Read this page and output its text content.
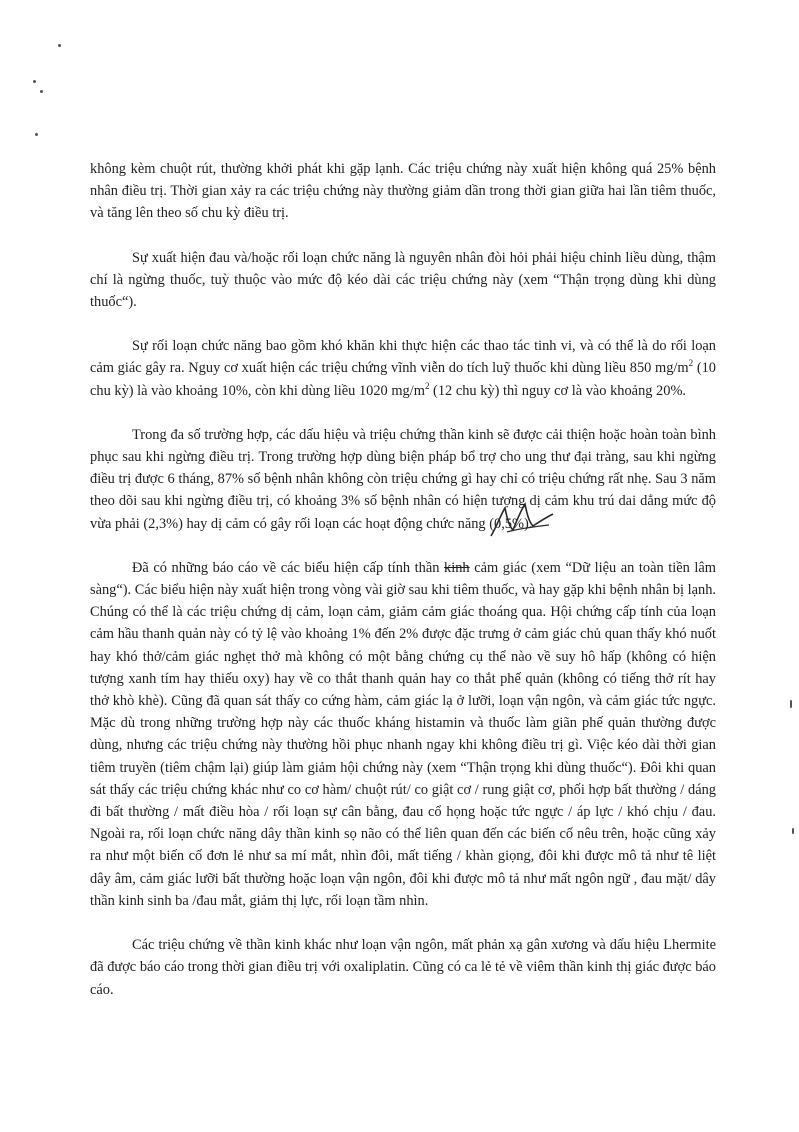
không kèm chuột rút, thường khởi phát khi gặp lạnh. Các triệu chứng này xuất hiện không quá 25% bệnh nhân điều trị. Thời gian xảy ra các triệu chứng này thường giảm dần trong thời gian giữa hai lần tiêm thuốc, và tăng lên theo số chu kỳ điều trị.

Sự xuất hiện đau và/hoặc rối loạn chức năng là nguyên nhân đòi hỏi phải hiệu chỉnh liều dùng, thậm chí là ngừng thuốc, tuỳ thuộc vào mức độ kéo dài các triệu chứng này (xem “Thận trọng dùng khi dùng thuốc“).

Sự rối loạn chức năng bao gồm khó khăn khi thực hiện các thao tác tinh vi, và có thể là do rối loạn cảm giác gây ra. Nguy cơ xuất hiện các triệu chứng vĩnh viễn do tích luỹ thuốc khi dùng liều 850 $mg/m^2$ (10 chu kỳ) là vào khoảng 10%, còn khi dùng liều 1020 $mg/m^2$ (12 chu kỳ) thì nguy cơ là vào khoảng 20%.

Trong đa số trường hợp, các dấu hiệu và triệu chứng thần kinh sẽ được cải thiện hoặc hoàn toàn bình phục sau khi ngừng điều trị. Trong trường hợp dùng biện pháp bổ trợ cho ung thư đại tràng, sau khi ngừng điều trị được 6 tháng, 87% số bệnh nhân không còn triệu chứng gì hay chỉ có triệu chứng rất nhẹ. Sau 3 năm theo dõi sau khi ngừng điều trị, có khoảng 3% số bệnh nhân có hiện tượng dị cảm khu trú dai dẳng mức độ vừa phải (2,3%) hay dị cảm có gây rối loạn các hoạt động chức năng (0,5%).

Đã có những báo cáo về các biểu hiện cấp tính thần kinh cảm giác (xem “Dữ liệu an toàn tiền lâm sàng“). Các biểu hiện này xuất hiện trong vòng vài giờ sau khi tiêm thuốc, và hay gặp khi bệnh nhân bị lạnh. Chúng có thể là các triệu chứng dị cảm, loạn cảm, giảm cảm giác thoáng qua. Hội chứng cấp tính của loạn cảm hầu thanh quản này có tỷ lệ vào khoảng 1% đến 2% được đặc trưng ở cảm giác chủ quan thấy khó nuốt hay khó thở/cảm giác nghẹt thở mà không có một bằng chứng cụ thể nào về suy hô hấp (không có hiện tượng xanh tím hay thiếu oxy) hay về co thắt thanh quản hay co thắt phế quản (không có tiếng thở rít hay thở khò khè). Cũng đã quan sát thấy co cứng hàm, cảm giác lạ ở lưỡi, loạn vận ngôn, và cảm giác tức ngực. Mặc dù trong những trường hợp này các thuốc kháng histamin và thuốc làm giãn phế quản thường được dùng, nhưng các triệu chứng này thường hồi phục nhanh ngay khi không điều trị gì. Việc kéo dài thời gian tiêm truyền (tiêm chậm lại) giúp làm giảm hội chứng này (xem “Thận trọng khi dùng thuốc“). Đôi khi quan sát thấy các triệu chứng khác như co cơ hàm/ chuột rút/ co giật cơ / rung giật cơ, phối hợp bất thường / dáng đi bất thường / mất điều hòa / rối loạn sự cân bằng, đau cổ họng hoặc tức ngực / áp lực / khó chịu / đau. Ngoài ra, rối loạn chức năng dây thần kinh sọ não có thể liên quan đến các biến cố nêu trên, hoặc cũng xảy ra như một biến cố đơn lẻ như sa mí mắt, nhìn đôi, mất tiếng / khàn giọng, đôi khi được mô tả như tê liệt dây âm, cảm giác lưỡi bất thường hoặc loạn vận ngôn, đôi khi được mô tả như mất ngôn ngữ , đau mặt/ dây thần kinh sinh ba /đau mắt, giảm thị lực, rối loạn tầm nhìn.

Các triệu chứng về thần kinh khác như loạn vận ngôn, mất phản xạ gân xương và dấu hiệu Lhermite đã được báo cáo trong thời gian điều trị với oxaliplatin. Cũng có ca lẻ tẻ về viêm thần kinh thị giác được báo cáo.
